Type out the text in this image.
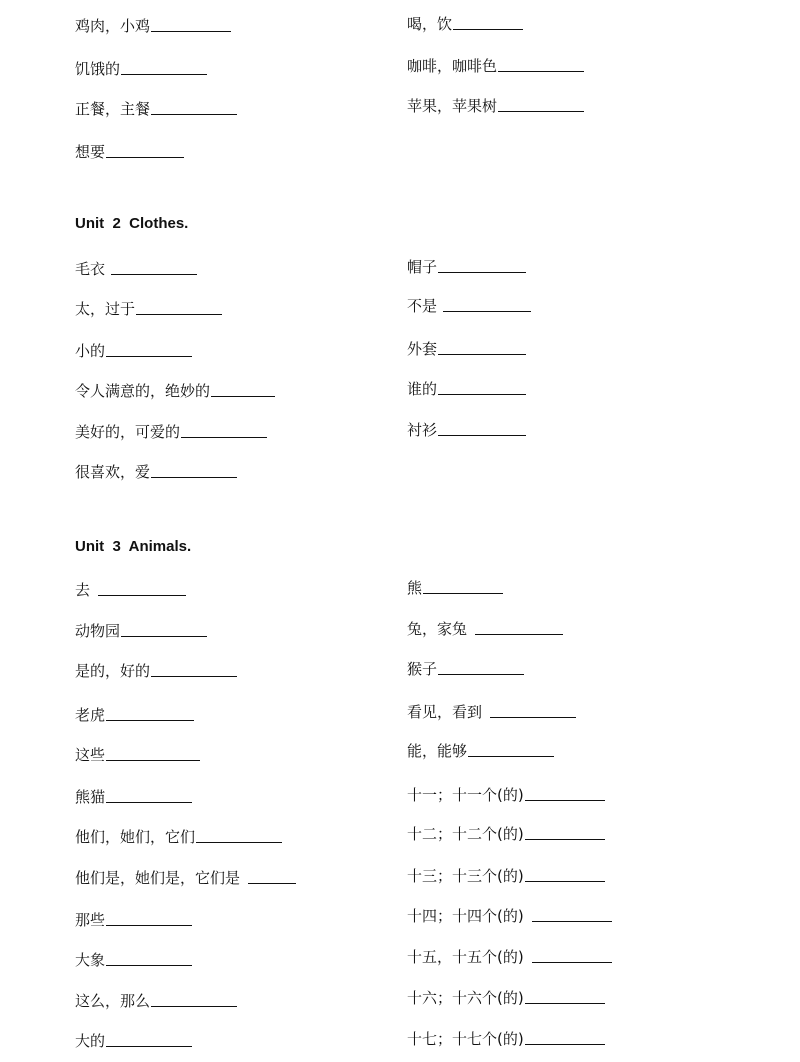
鸡肉，小鸡
饥饿的
正餐，主餐
想要
喝，饮
咖啡，咖啡色
苹果，苹果树
Unit  2  Clothes.
毛衣
太，过于
小的
令人满意的，绝妙的
美好的，可爱的
很喜欢，爱
帽子
不是
外套
谁的
衬衫
Unit  3  Animals.
去
动物园
是的，好的
老虎
这些
熊猫
他们，她们，它们
他们是，她们是，它们是
那些
大象
这么，那么
大的
熊
兔，家兔
猴子
看见，看到
能，能够
十一；十一个(的)
十二；十二个(的)
十三；十三个(的)
十四；十四个(的)
十五，十五个(的)
十六；十六个(的)
十七；十七个(的)
